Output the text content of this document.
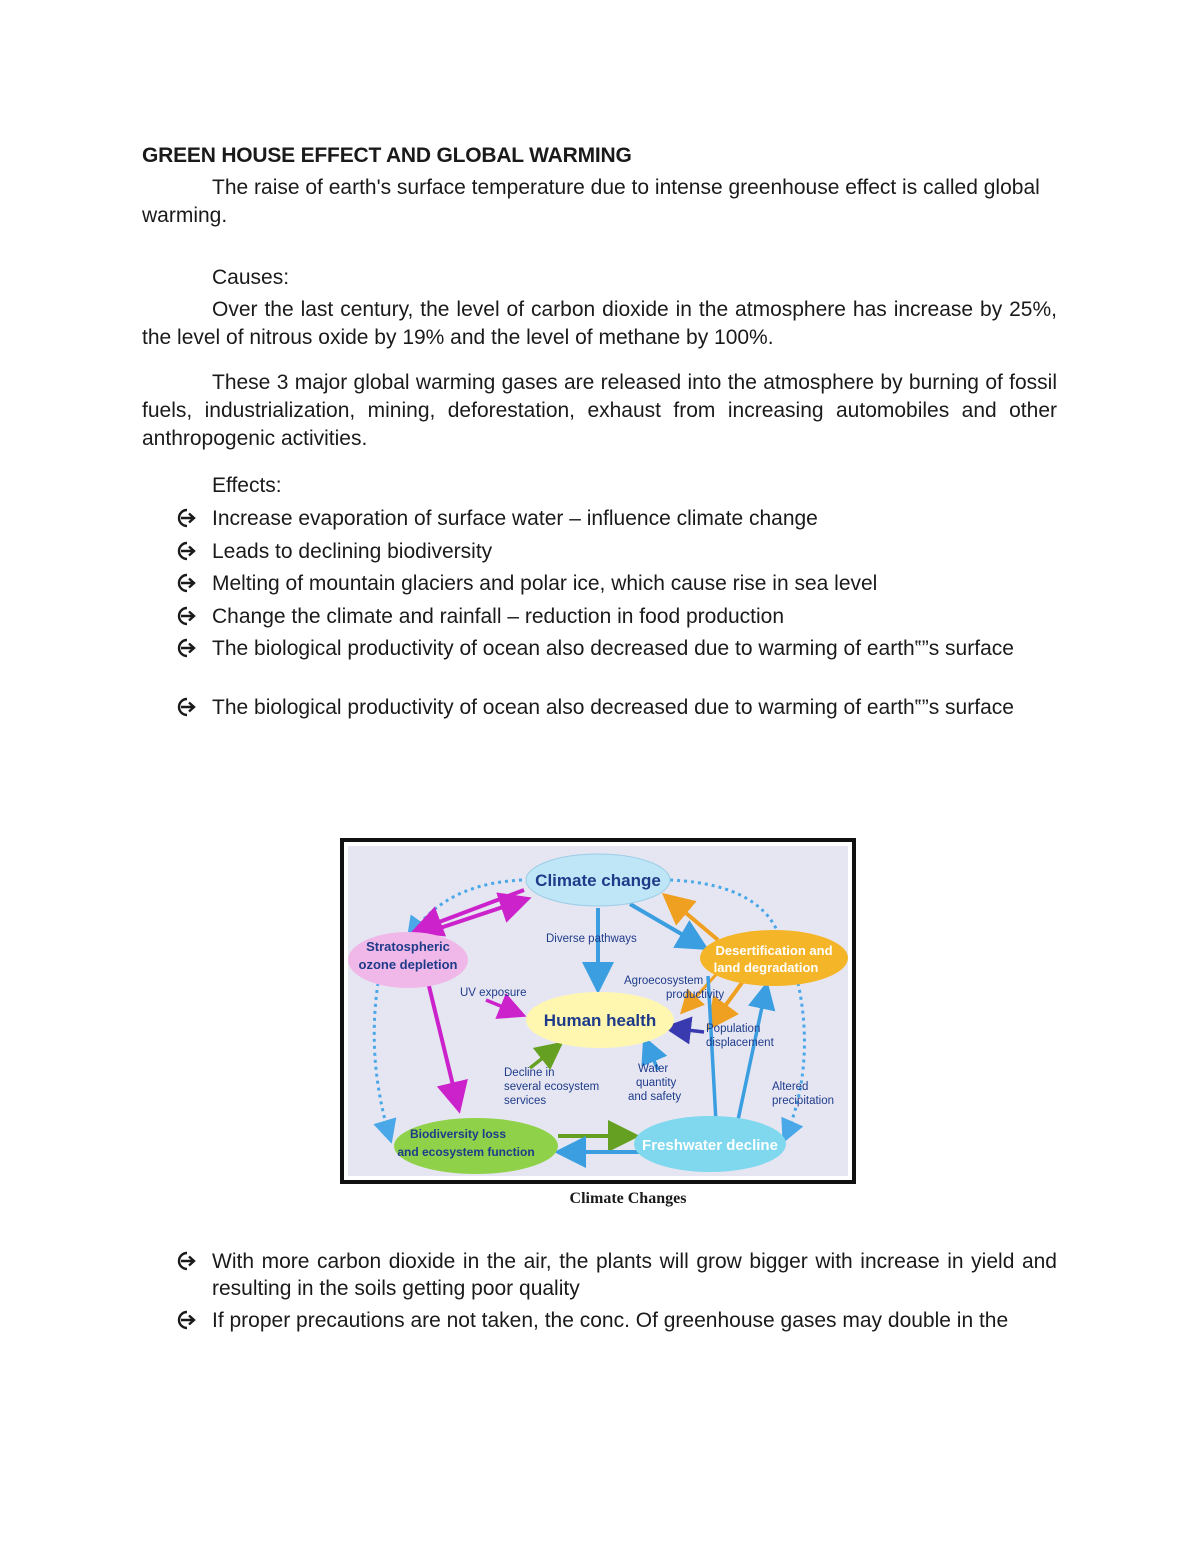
GREEN HOUSE EFFECT AND GLOBAL WARMING

The raise of earth's surface temperature due to intense greenhouse effect is called global warming.

Causes:

Over the last century, the level of carbon dioxide in the atmosphere has increase by 25%, the level of nitrous oxide by 19% and the level of methane by 100%.

These 3 major global warming gases are released into the atmosphere by burning of fossil fuels, industrialization, mining, deforestation, exhaust from increasing automobiles and other anthropogenic activities.

Effects:

Increase evaporation of surface water – influence climate change
Leads to declining biodiversity
Melting of mountain glaciers and polar ice, which cause rise in sea level
Change the climate and rainfall – reduction in food production
The biological productivity of ocean also decreased due to warming of earth‟”s surface
The biological productivity of ocean also decreased due to warming of earth‟”s surface
Climate change
Stratospheric
ozone depletion
Desertification and
land degradation
Human health
Biodiversity loss
and ecosystem function	Freshwater decline
Diverse pathways
UV exposure
Agroecosystem
productivity
Population
displacement
Decline in
several ecosystem
services
Water
quantity
and safety
Altered
precipitation
Climate Changes
With more carbon dioxide in the air, the plants will grow bigger with increase in yield and resulting in the soils getting poor quality
If proper precautions are not taken, the conc. Of greenhouse gases may double in the
